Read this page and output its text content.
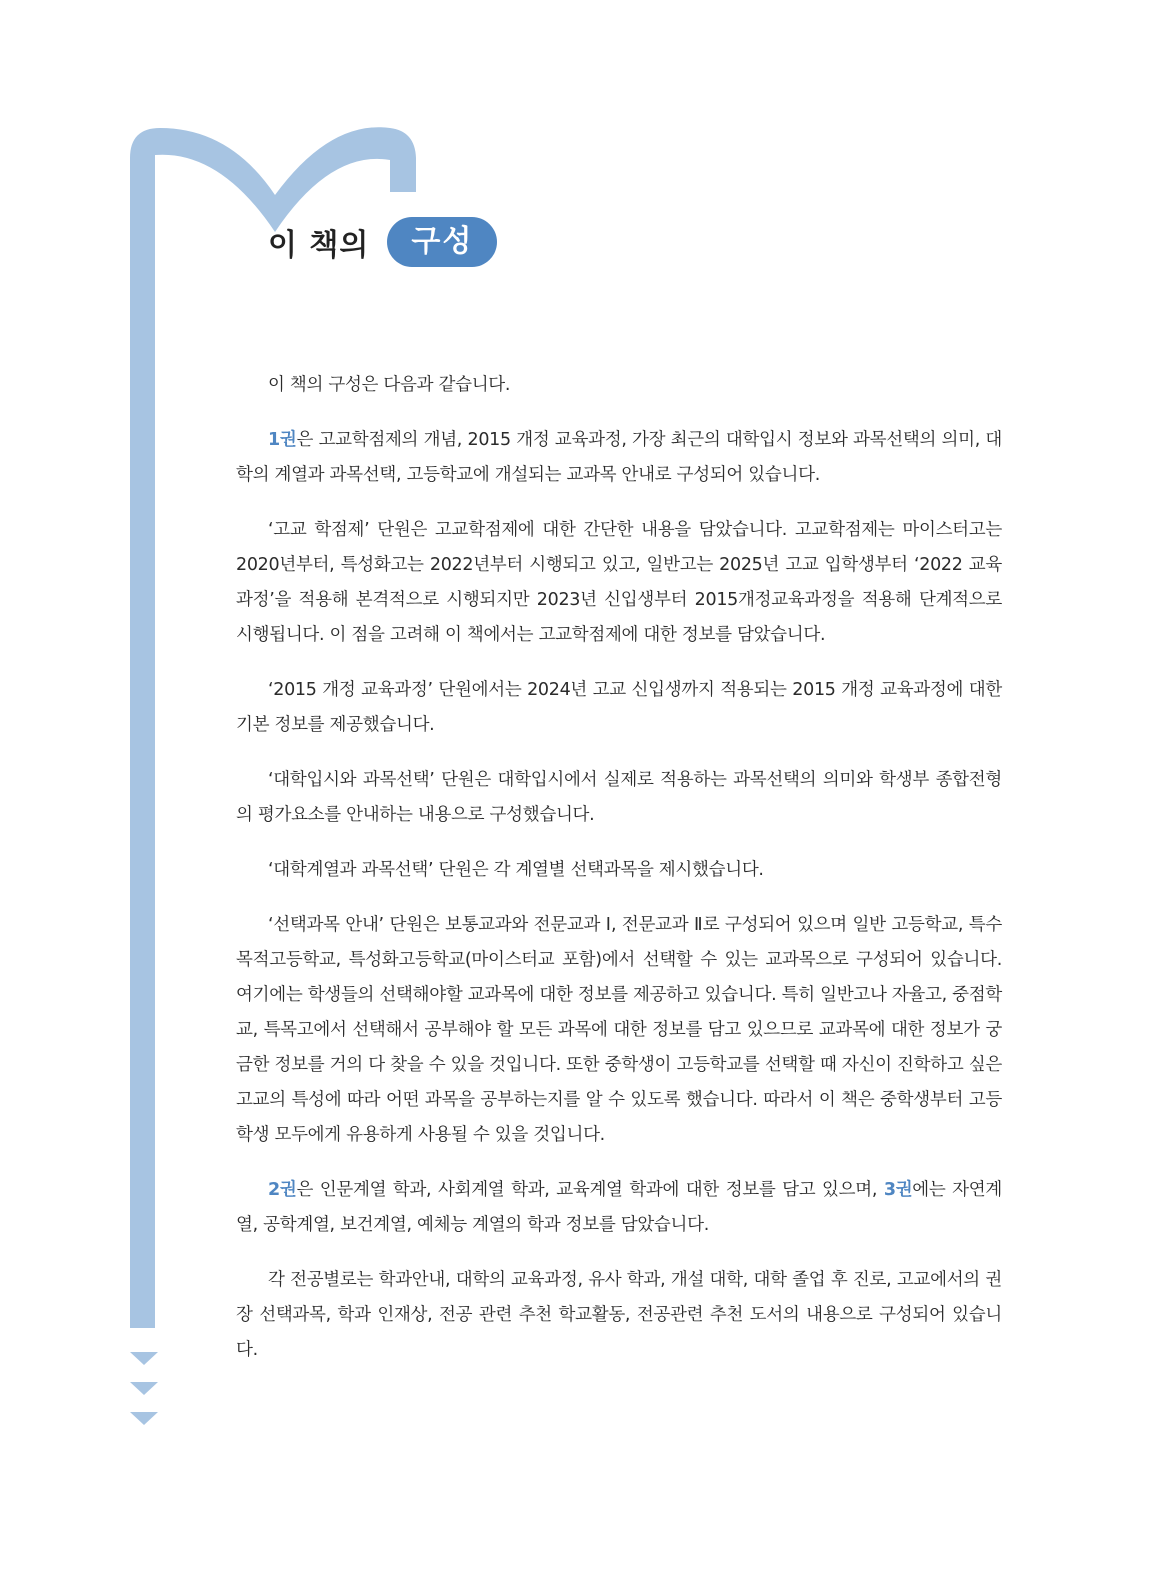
이 책의	구성

이 책의 구성은 다음과 같습니다.

1권은 고교학점제의 개념, 2015 개정 교육과정, 가장 최근의 대학입시 정보와 과목선택의 의미, 대학의 계열과 과목선택, 고등학교에 개설되는 교과목 안내로 구성되어 있습니다.

‘고교 학점제’ 단원은 고교학점제에 대한 간단한 내용을 담았습니다. 고교학점제는 마이스터고는 2020년부터, 특성화고는 2022년부터 시행되고 있고, 일반고는 2025년 고교 입학생부터 ‘2022 교육과정’을 적용해 본격적으로 시행되지만 2023년 신입생부터 2015개정교육과정을 적용해 단계적으로 시행됩니다. 이 점을 고려해 이 책에서는 고교학점제에 대한 정보를 담았습니다.

‘2015 개정 교육과정’ 단원에서는 2024년 고교 신입생까지 적용되는 2015 개정 교육과정에 대한 기본 정보를 제공했습니다.

‘대학입시와 과목선택’ 단원은 대학입시에서 실제로 적용하는 과목선택의 의미와 학생부 종합전형의 평가요소를 안내하는 내용으로 구성했습니다.

‘대학계열과 과목선택’ 단원은 각 계열별 선택과목을 제시했습니다.

‘선택과목 안내’ 단원은 보통교과와 전문교과 Ⅰ, 전문교과 Ⅱ로 구성되어 있으며 일반 고등학교, 특수목적고등학교, 특성화고등학교(마이스터교 포함)에서 선택할 수 있는 교과목으로 구성되어 있습니다. 여기에는 학생들의 선택해야할 교과목에 대한 정보를 제공하고 있습니다. 특히 일반고나 자율고, 중점학교, 특목고에서 선택해서 공부해야 할 모든 과목에 대한 정보를 담고 있으므로 교과목에 대한 정보가 궁금한 정보를 거의 다 찾을 수 있을 것입니다. 또한 중학생이 고등학교를 선택할 때 자신이 진학하고 싶은 고교의 특성에 따라 어떤 과목을 공부하는지를 알 수 있도록 했습니다. 따라서 이 책은 중학생부터 고등학생 모두에게 유용하게 사용될 수 있을 것입니다.

2권은 인문계열 학과, 사회계열 학과, 교육계열 학과에 대한 정보를 담고 있으며, 3권에는 자연계열, 공학계열, 보건계열, 예체능 계열의 학과 정보를 담았습니다.

각 전공별로는 학과안내, 대학의 교육과정, 유사 학과, 개설 대학, 대학 졸업 후 진로, 고교에서의 권장 선택과목, 학과 인재상, 전공 관련 추천 학교활동, 전공관련 추천 도서의 내용으로 구성되어 있습니다.
